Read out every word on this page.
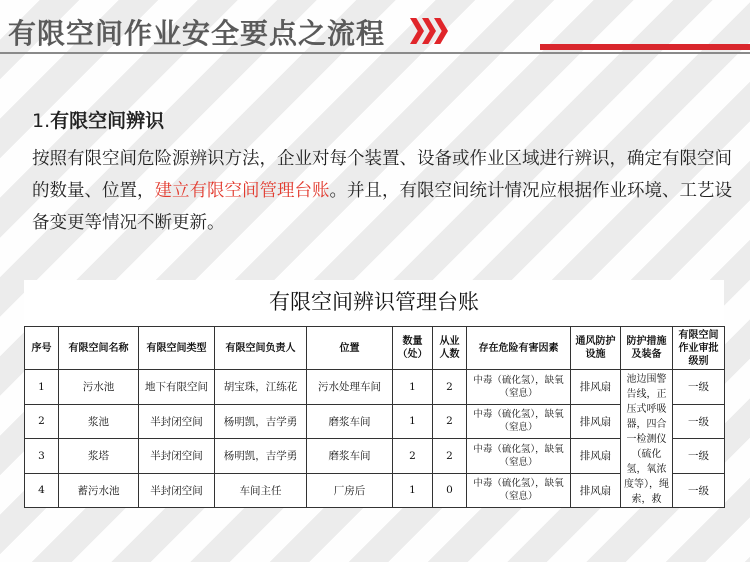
有限空间作业安全要点之流程
1.有限空间辨识
按照有限空间危险源辨识方法，企业对每个装置、设备或作业区域进行辨识，确定有限空间的数量、位置，建立有限空间管理台账。并且，有限空间统计情况应根据作业环境、工艺设备变更等情况不断更新。
有限空间辨识管理台账
序号	有限空间名称	有限空间类型	有限空间负责人	位置	数量（处）	从业人数	存在危险有害因素	通风防护设施	防护措施及装备	有限空间作业审批级别
1	污水池	地下有限空间	胡宝珠，江练花	污水处理车间	1	2	中毒（硫化氢），缺氧（窒息）	排风扇	池边围警告线，正压式呼吸器，四合一检测仪（硫化氢，氧浓度等），绳索，救	一级
2	浆池	半封闭空间	杨明凯，吉学勇	磨浆车间	1	2	中毒（硫化氢），缺氧（窒息）	排风扇		一级
3	浆塔	半封闭空间	杨明凯，吉学勇	磨浆车间	2	2	中毒（硫化氢），缺氧（窒息）	排风扇		一级
4	蓄污水池	半封闭空间	车间主任	厂房后	1	0	中毒（硫化氢），缺氧（窒息）	排风扇		一级
